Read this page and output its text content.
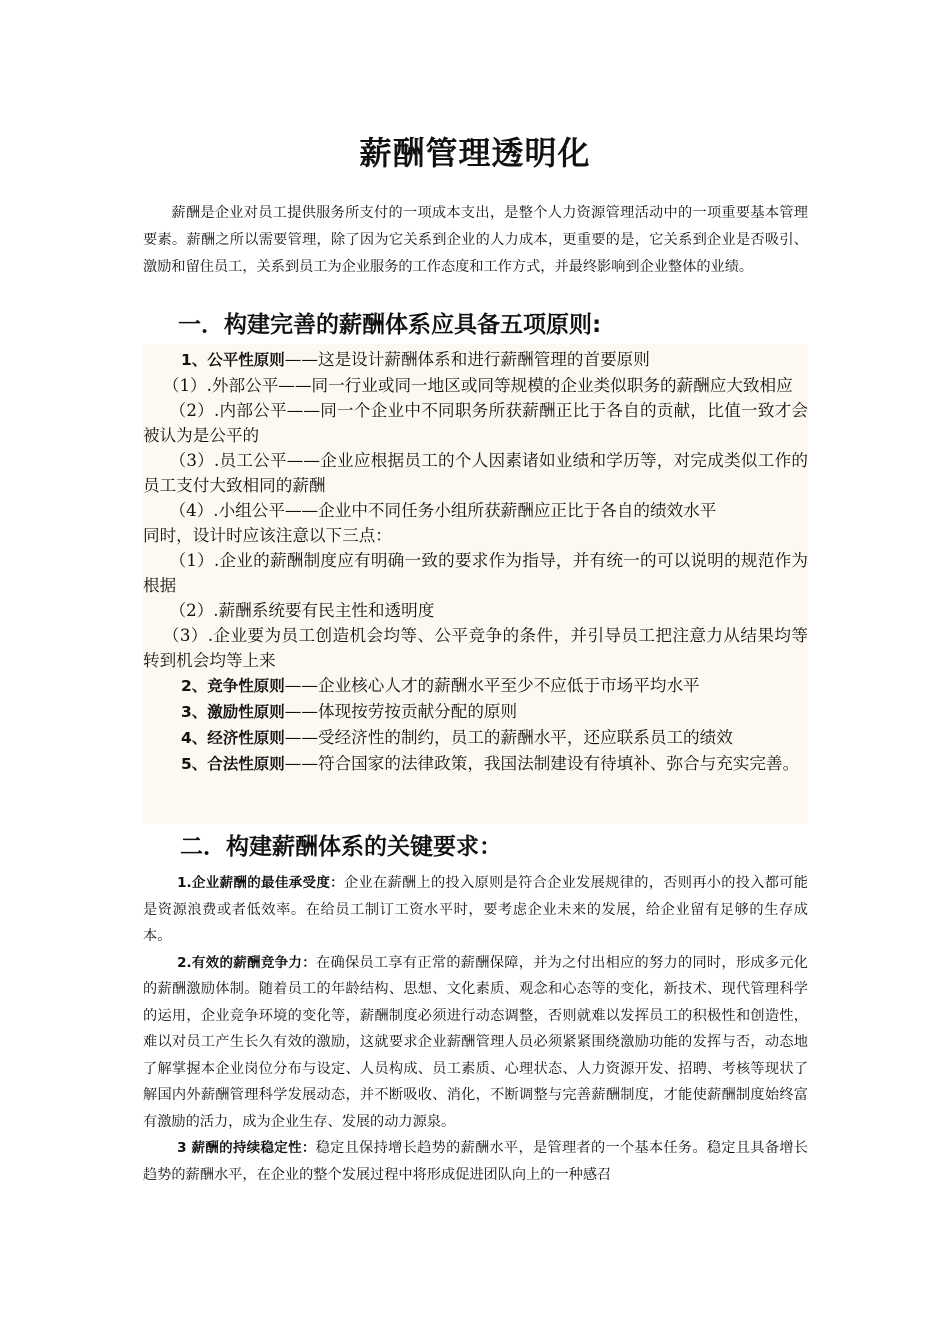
薪酬管理透明化

薪酬是企业对员工提供服务所支付的一项成本支出，是整个人力资源管理活动中的一项重要基本管理要素。薪酬之所以需要管理，除了因为它关系到企业的人力成本，更重要的是，它关系到企业是否吸引、激励和留住员工，关系到员工为企业服务的工作态度和工作方式，并最终影响到企业整体的业绩。

一．构建完善的薪酬体系应具备五项原则:

1、公平性原则——这是设计薪酬体系和进行薪酬管理的首要原则

（1）.外部公平——同一行业或同一地区或同等规模的企业类似职务的薪酬应大致相应

（2）.内部公平——同一个企业中不同职务所获薪酬正比于各自的贡献，比值一致才会被认为是公平的

（3）.员工公平——企业应根据员工的个人因素诸如业绩和学历等，对完成类似工作的员工支付大致相同的薪酬

（4）.小组公平——企业中不同任务小组所获薪酬应正比于各自的绩效水平

同时，设计时应该注意以下三点：

（1）.企业的薪酬制度应有明确一致的要求作为指导，并有统一的可以说明的规范作为根据

（2）.薪酬系统要有民主性和透明度

（3）.企业要为员工创造机会均等、公平竞争的条件，并引导员工把注意力从结果均等转到机会均等上来

2、竞争性原则——企业核心人才的薪酬水平至少不应低于市场平均水平

3、激励性原则——体现按劳按贡献分配的原则

4、经济性原则——受经济性的制约，员工的薪酬水平，还应联系员工的绩效

5、合法性原则——符合国家的法律政策，我国法制建设有待填补、弥合与充实完善。

二．构建薪酬体系的关键要求：

1.企业薪酬的最佳承受度：企业在薪酬上的投入原则是符合企业发展规律的，否则再小的投入都可能是资源浪费或者低效率。在给员工制订工资水平时，要考虑企业未来的发展，给企业留有足够的生存成本。

2.有效的薪酬竞争力：在确保员工享有正常的薪酬保障，并为之付出相应的努力的同时，形成多元化的薪酬激励体制。随着员工的年龄结构、思想、文化素质、观念和心态等的变化，新技术、现代管理科学的运用，企业竞争环境的变化等，薪酬制度必须进行动态调整，否则就难以发挥员工的积极性和创造性，难以对员工产生长久有效的激励，这就要求企业薪酬管理人员必须紧紧围绕激励功能的发挥与否，动态地了解掌握本企业岗位分布与设定、人员构成、员工素质、心理状态、人力资源开发、招聘、考核等现状了解国内外薪酬管理科学发展动态，并不断吸收、消化，不断调整与完善薪酬制度，才能使薪酬制度始终富有激励的活力，成为企业生存、发展的动力源泉。

3 薪酬的持续稳定性：稳定且保持增长趋势的薪酬水平，是管理者的一个基本任务。稳定且具备增长趋势的薪酬水平，在企业的整个发展过程中将形成促进团队向上的一种感召
